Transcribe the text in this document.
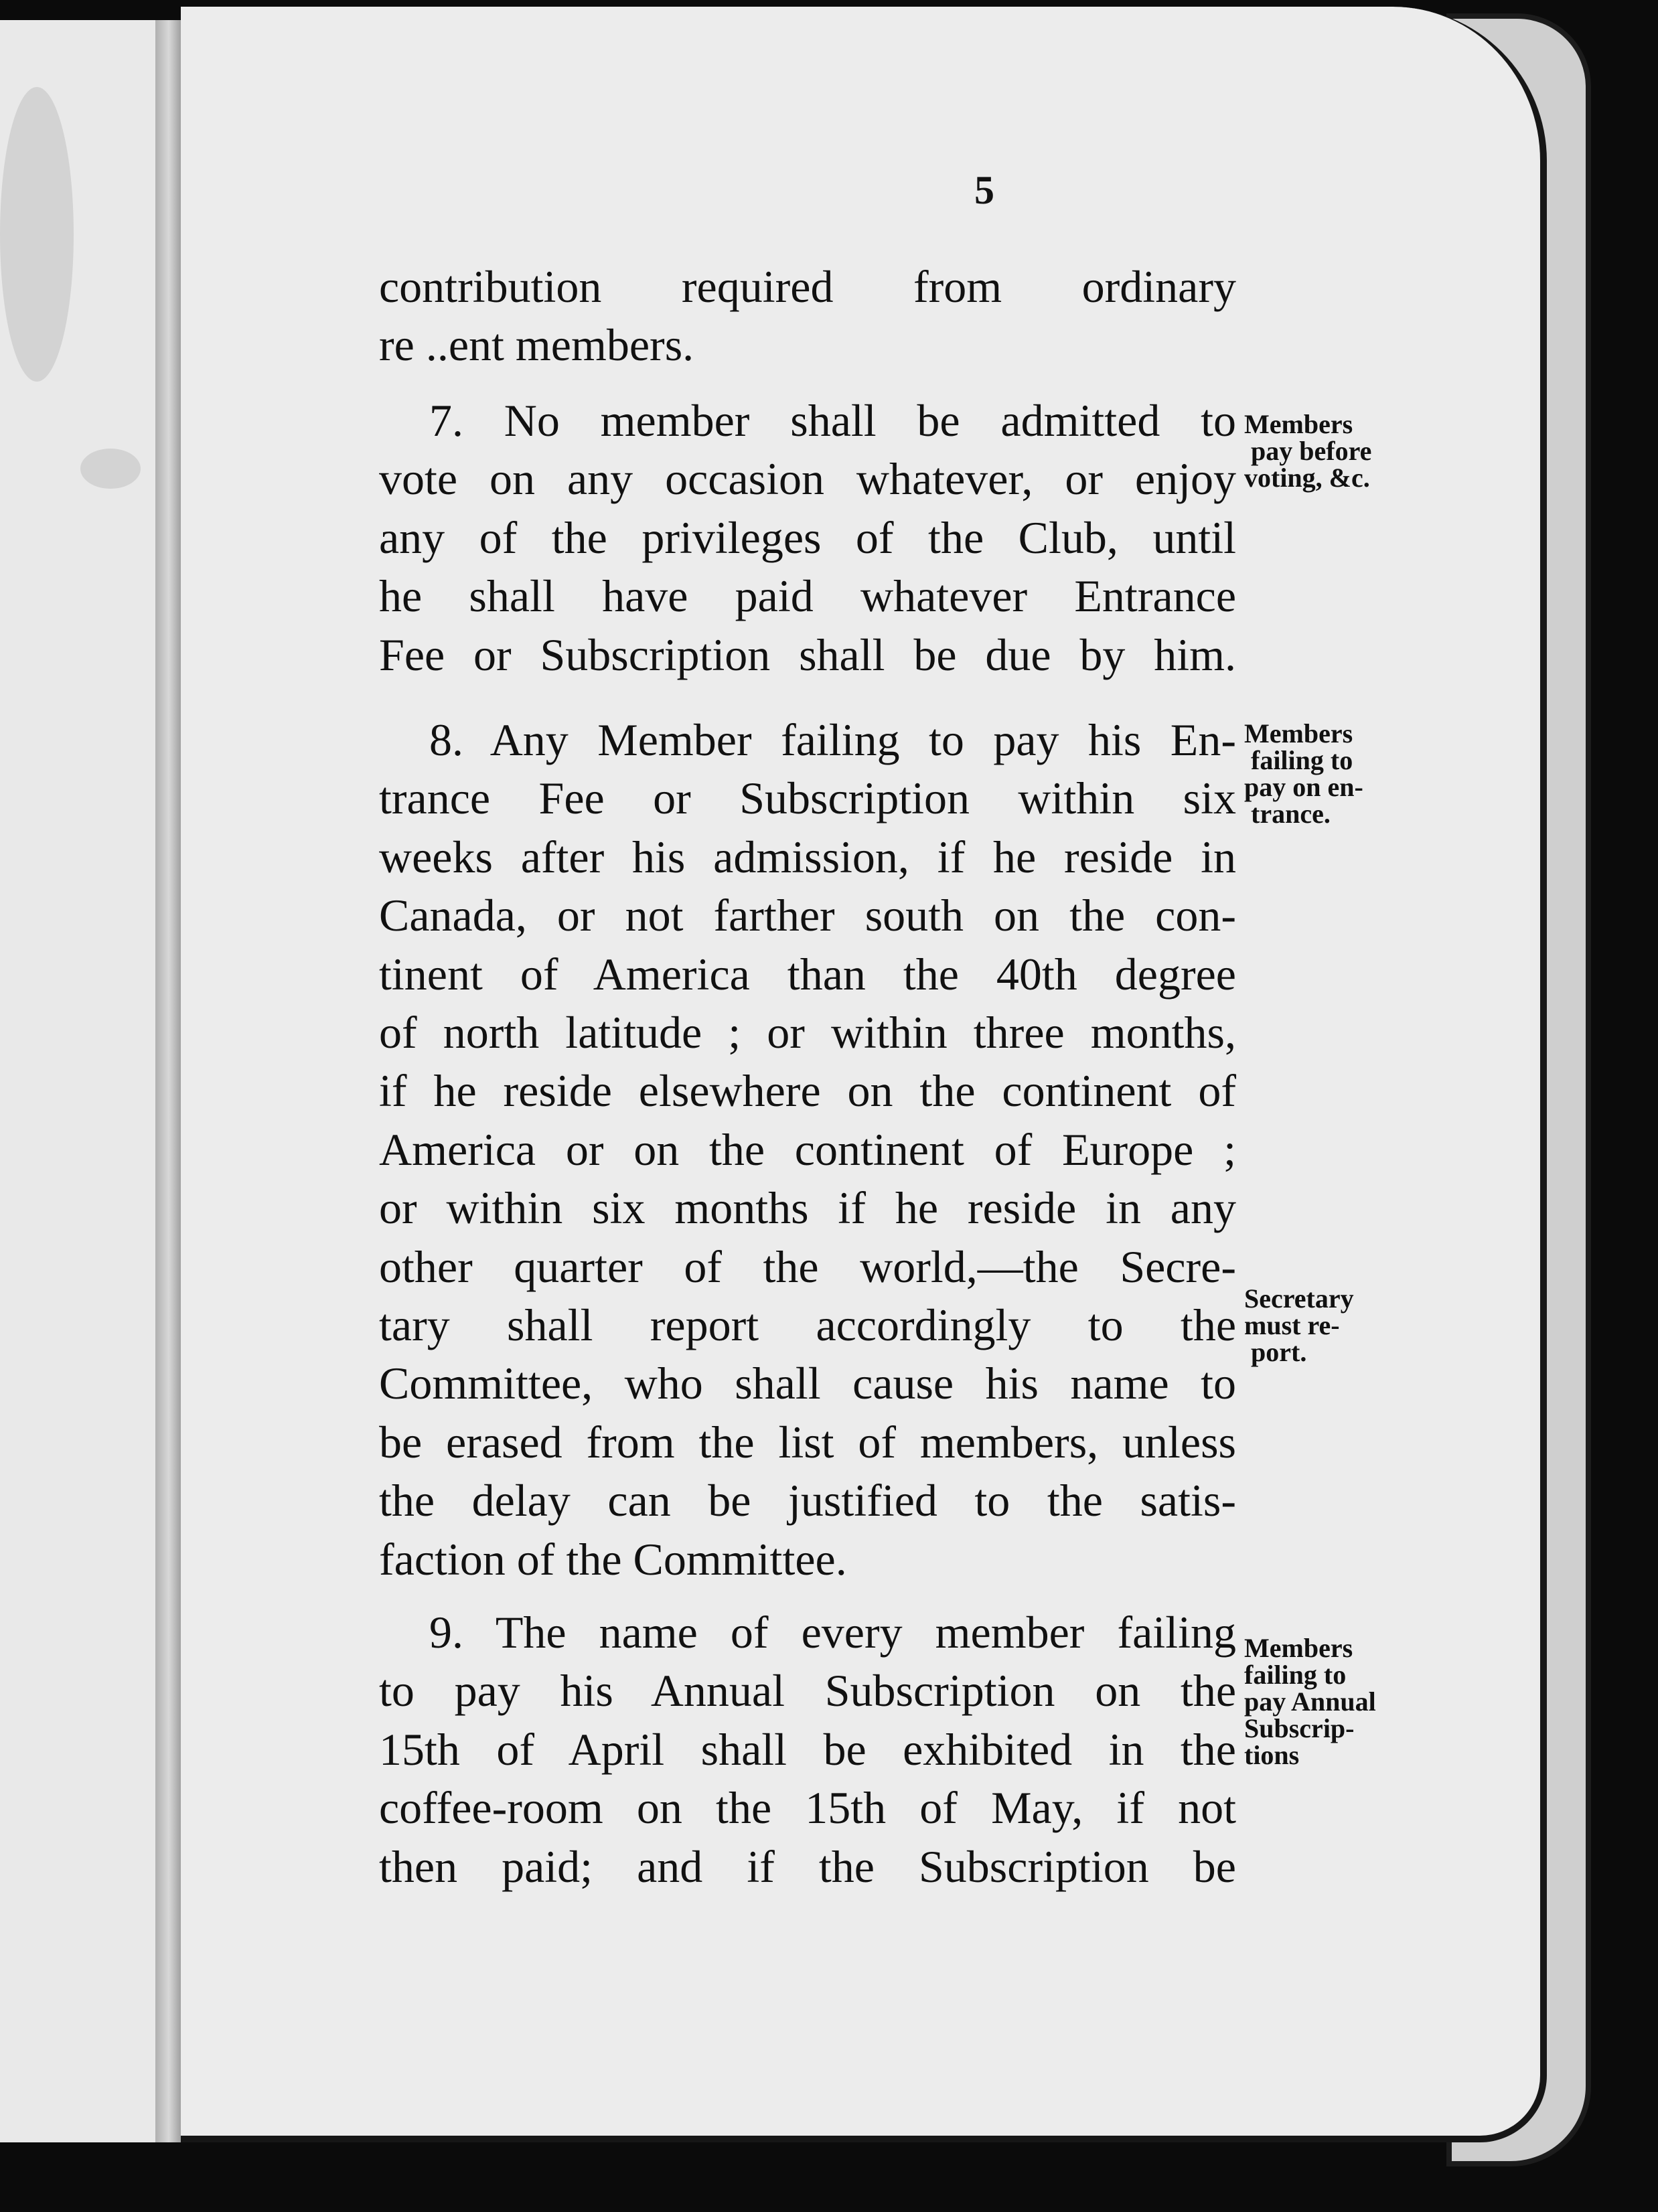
5
contribution required from ordinary
re ..ent members.
7. No member shall be admitted to
vote on any occasion whatever, or enjoy
any of the privileges of the Club, until
he shall have paid whatever Entrance
Fee or Subscription shall be due by him.
8. Any Member failing to pay his En-
trance Fee or Subscription within six
weeks after his admission, if he reside in
Canada, or not farther south on the con-
tinent of America than the 40th degree
of north latitude ; or within three months,
if he reside elsewhere on the continent of
America or on the continent of Europe ;
or within six months if he reside in any
other quarter of the world,—the Secre-
tary shall report accordingly to the
Committee, who shall cause his name to
be erased from the list of members, unless
the delay can be justified to the satis-
faction of the Committee.
9. The name of every member failing
to pay his Annual Subscription on the
15th of April shall be exhibited in the
coffee-room on the 15th of May, if not
then paid; and if the Subscription be
Members
pay before
voting, &c.
Members
failing to
pay on en-
trance.
Secretary
must re-
port.
Members
failing to
pay Annual
Subscrip-
tions
